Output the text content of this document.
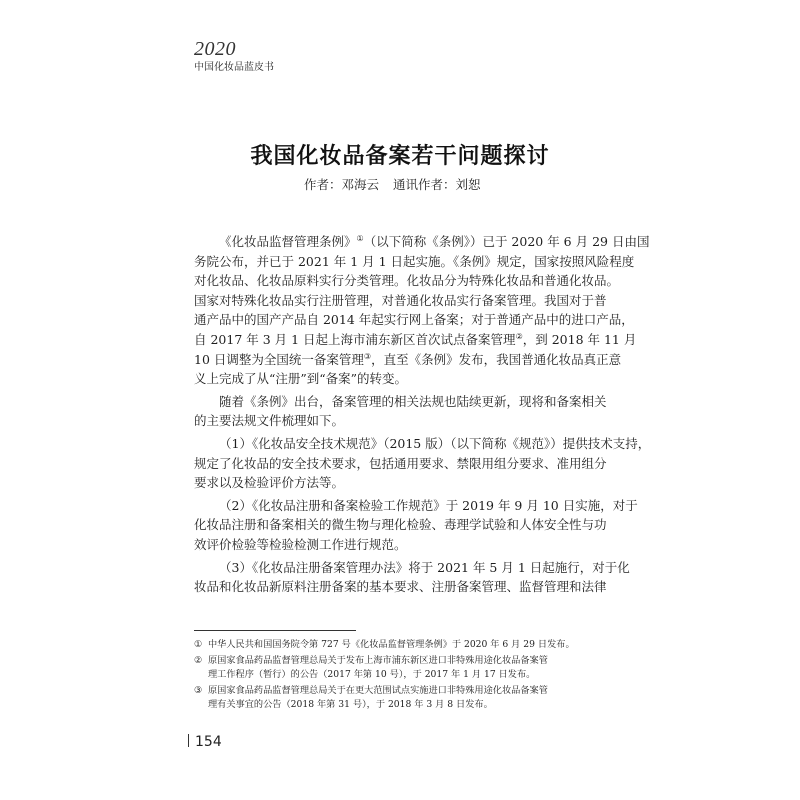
2020
中国化妆品蓝皮书
我国化妆品备案若干问题探讨
作者：邓海云 通讯作者：刘恕

《化妆品监督管理条例》①（以下简称《条例》）已于 2020 年 6 月 29 日由国
务院公布，并已于 2021 年 1 月 1 日起实施。《条例》规定，国家按照风险程度
对化妆品、化妆品原料实行分类管理。化妆品分为特殊化妆品和普通化妆品。
国家对特殊化妆品实行注册管理，对普通化妆品实行备案管理。我国对于普
通产品中的国产产品自 2014 年起实行网上备案；对于普通产品中的进口产品，
自 2017 年 3 月 1 日起上海市浦东新区首次试点备案管理②，到 2018 年 11 月
10 日调整为全国统一备案管理③，直至《条例》发布，我国普通化妆品真正意
义上完成了从“注册”到“备案”的转变。

随着《条例》出台，备案管理的相关法规也陆续更新，现将和备案相关
的主要法规文件梳理如下。

（1）《化妆品安全技术规范》（2015 版）（以下简称《规范》）提供技术支持，
规定了化妆品的安全技术要求，包括通用要求、禁限用组分要求、准用组分
要求以及检验评价方法等。

（2）《化妆品注册和备案检验工作规范》于 2019 年 9 月 10 日实施，对于
化妆品注册和备案相关的微生物与理化检验、毒理学试验和人体安全性与功
效评价检验等检验检测工作进行规范。

（3）《化妆品注册备案管理办法》将于 2021 年 5 月 1 日起施行，对于化
妆品和化妆品新原料注册备案的基本要求、注册备案管理、监督管理和法律

① 中华人民共和国国务院令第 727 号《化妆品监督管理条例》于 2020 年 6 月 29 日发布。
② 原国家食品药品监督管理总局关于发布上海市浦东新区进口非特殊用途化妆品备案管
理工作程序（暂行）的公告（2017 年第 10 号），于 2017 年 1 月 17 日发布。
③ 原国家食品药品监督管理总局关于在更大范围试点实施进口非特殊用途化妆品备案管
理有关事宜的公告（2018 年第 31 号），于 2018 年 3 月 8 日发布。
154
